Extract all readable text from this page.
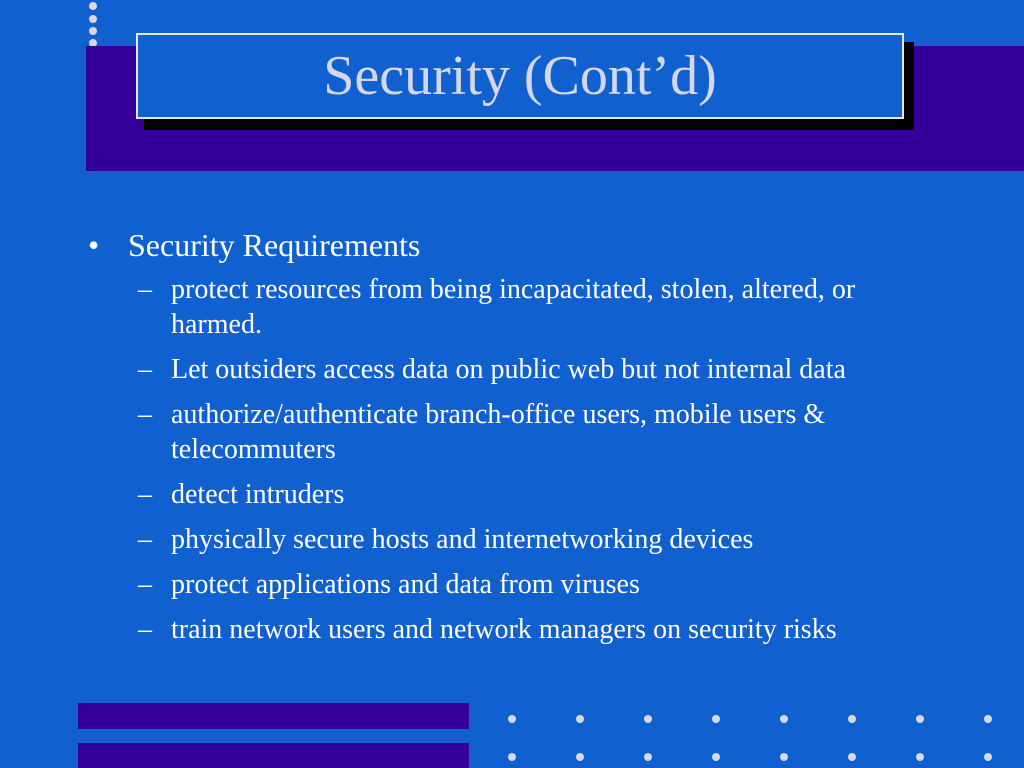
Security (Cont’d)
• Security Requirements
– protect resources from being incapacitated, stolen, altered, or harmed.
– Let outsiders access data on public web but not internal data
– authorize/authenticate branch-office users, mobile users & telecommuters
– detect intruders
– physically secure hosts and internetworking devices
– protect applications and data from viruses
– train network users and network managers on security risks
